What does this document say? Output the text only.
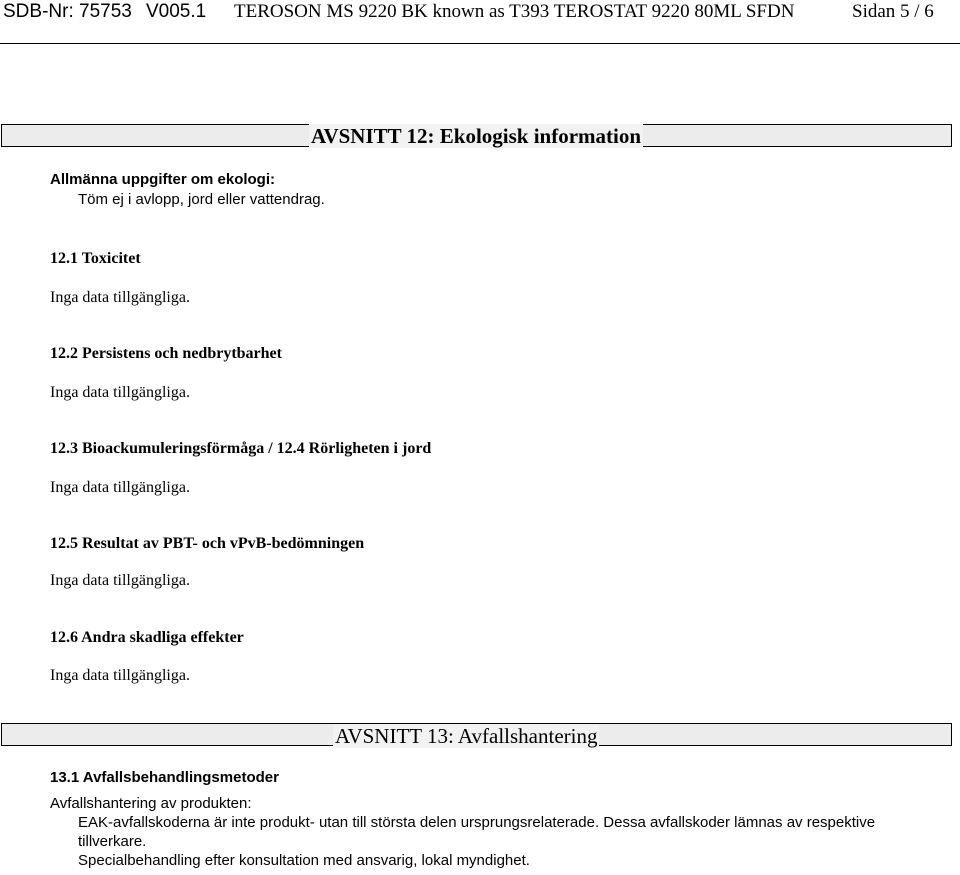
SDB-Nr: 75753 V005.1 TEROSON MS 9220 BK known as T393 TEROSTAT 9220 80ML SFDN	Sidan 5 / 6
AVSNITT 12: Ekologisk information
Allmänna uppgifter om ekologi:
Töm ej i avlopp, jord eller vattendrag.
12.1 Toxicitet
Inga data tillgängliga.
12.2 Persistens och nedbrytbarhet
Inga data tillgängliga.
12.3 Bioackumuleringsförmåga / 12.4 Rörligheten i jord
Inga data tillgängliga.
12.5 Resultat av PBT- och vPvB-bedömningen
Inga data tillgängliga.
12.6 Andra skadliga effekter
Inga data tillgängliga.
AVSNITT 13: Avfallshantering
13.1 Avfallsbehandlingsmetoder
Avfallshantering av produkten:
EAK-avfallskoderna är inte produkt- utan till största delen ursprungsrelaterade. Dessa avfallskoder lämnas av respektive
tillverkare.
Specialbehandling efter konsultation med ansvarig, lokal myndighet.
